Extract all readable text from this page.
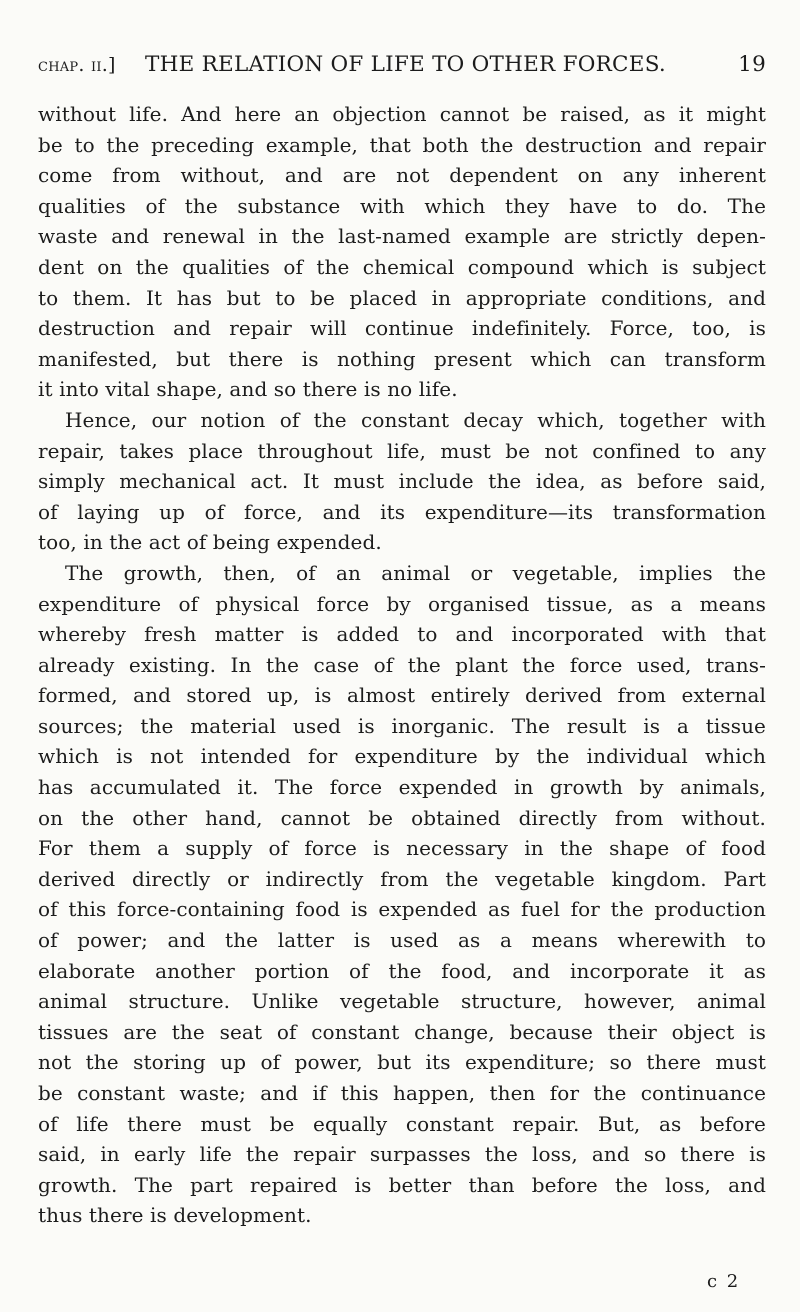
chap. ii.] THE RELATION OF LIFE TO OTHER FORCES.	19
without life. And here an objection cannot be raised, as it might
be to the preceding example, that both the destruction and repair
come from without, and are not dependent on any inherent
qualities of the substance with which they have to do. The
waste and renewal in the last-named example are strictly depen-
dent on the qualities of the chemical compound which is subject
to them. It has but to be placed in appropriate conditions, and
destruction and repair will continue indefinitely. Force, too, is
manifested, but there is nothing present which can transform
it into vital shape, and so there is no life.
Hence, our notion of the constant decay which, together with
repair, takes place throughout life, must be not confined to any
simply mechanical act. It must include the idea, as before said,
of laying up of force, and its expenditure—its transformation
too, in the act of being expended.
The growth, then, of an animal or vegetable, implies the
expenditure of physical force by organised tissue, as a means
whereby fresh matter is added to and incorporated with that
already existing. In the case of the plant the force used, trans-
formed, and stored up, is almost entirely derived from external
sources; the material used is inorganic. The result is a tissue
which is not intended for expenditure by the individual which
has accumulated it. The force expended in growth by animals,
on the other hand, cannot be obtained directly from without.
For them a supply of force is necessary in the shape of food
derived directly or indirectly from the vegetable kingdom. Part
of this force-containing food is expended as fuel for the production
of power; and the latter is used as a means wherewith to
elaborate another portion of the food, and incorporate it as
animal structure. Unlike vegetable structure, however, animal
tissues are the seat of constant change, because their object is
not the storing up of power, but its expenditure; so there must
be constant waste; and if this happen, then for the continuance
of life there must be equally constant repair. But, as before
said, in early life the repair surpasses the loss, and so there is
growth. The part repaired is better than before the loss, and
thus there is development.
c 2
